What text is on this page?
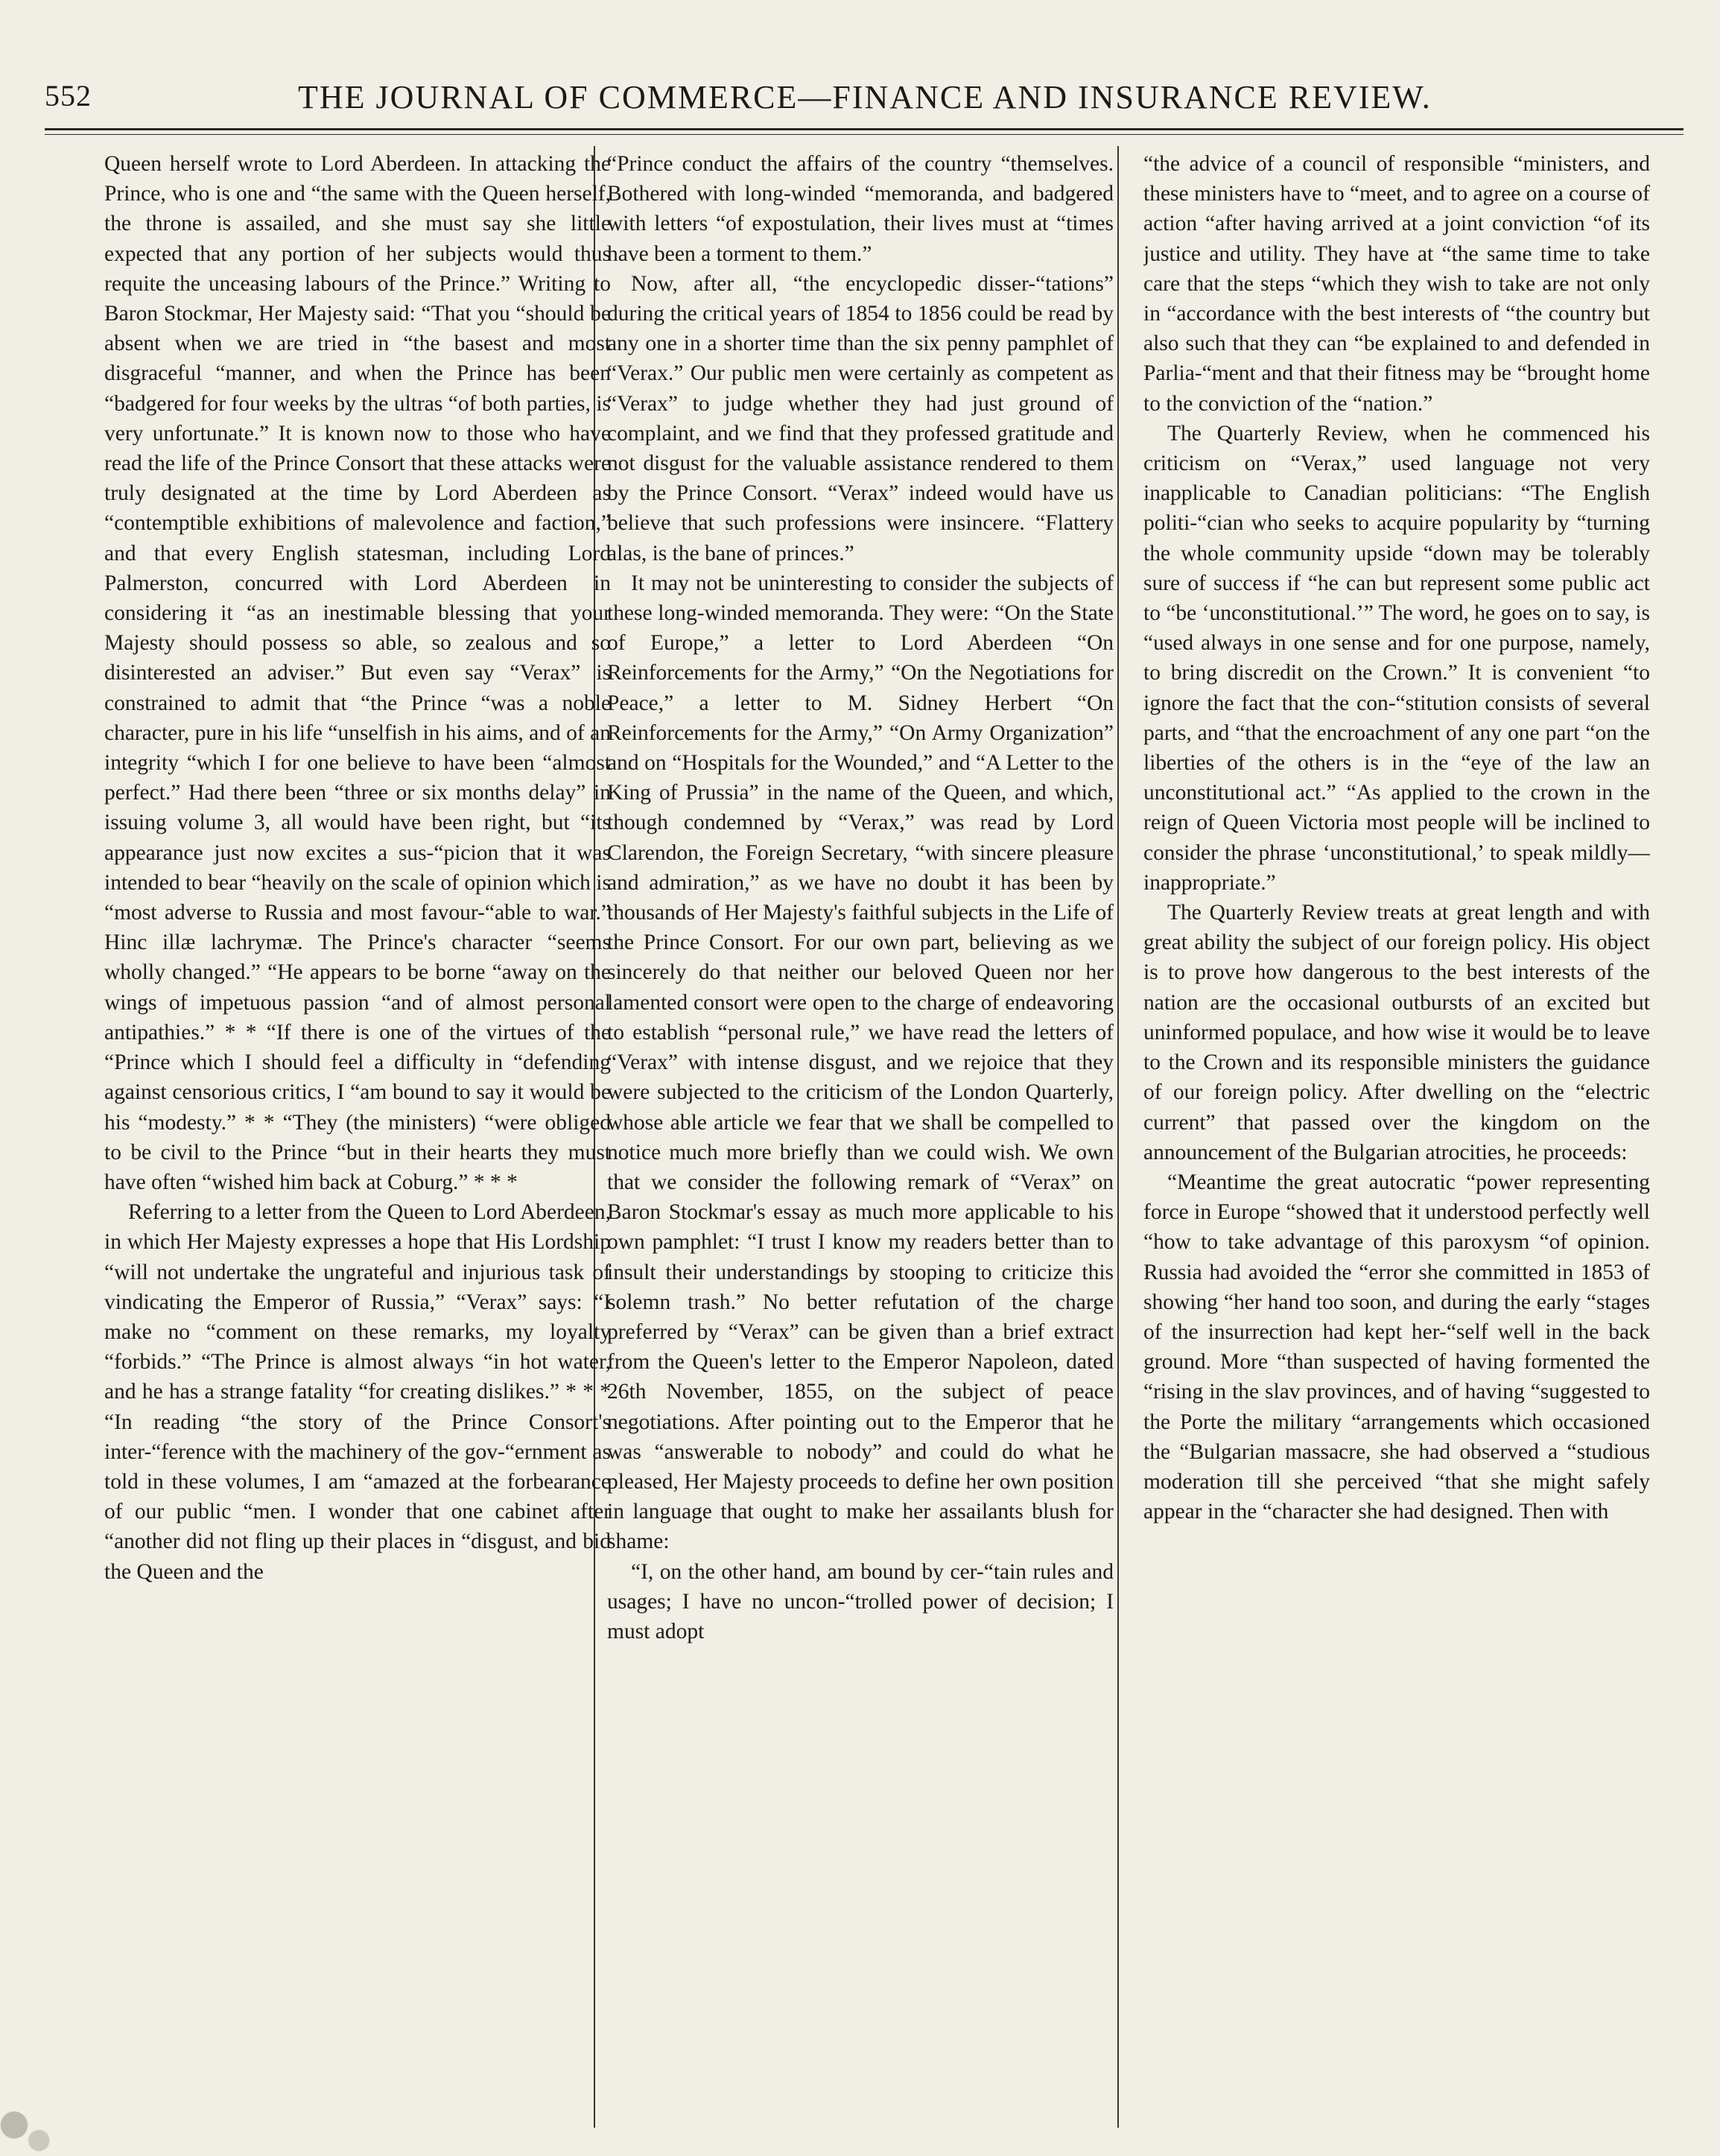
552	THE JOURNAL OF COMMERCE—FINANCE AND INSURANCE REVIEW.

Queen herself wrote to Lord Aberdeen. In attacking the Prince, who is one and “the same with the Queen herself, the throne is assailed, and she must say she little expected that any portion of her subjects would thus requite the unceasing labours of the Prince.” Writing to Baron Stockmar, Her Majesty said: “That you “should be absent when we are tried in “the basest and most disgraceful “manner, and when the Prince has been “badgered for four weeks by the ultras “of both parties, is very unfortunate.” It is known now to those who have read the life of the Prince Consort that these attacks were truly designated at the time by Lord Aberdeen as “contemptible exhibitions of malevolence and faction,” and that every English statesman, including Lord Palmerston, concurred with Lord Aberdeen in considering it “as an inestimable blessing that your Majesty should possess so able, so zealous and so disinterested an adviser.” But even say “Verax” is constrained to admit that “the Prince “was a noble character, pure in his life “unselfish in his aims, and of an integrity “which I for one believe to have been “almost perfect.” Had there been “three or six months delay” in issuing volume 3, all would have been right, but “its appearance just now excites a sus-“picion that it was intended to bear “heavily on the scale of opinion which is “most adverse to Russia and most favour-“able to war.” Hinc illæ lachrymæ. The Prince's character “seems wholly changed.” “He appears to be borne “away on the wings of impetuous passion “and of almost personal antipathies.” * * “If there is one of the virtues of the “Prince which I should feel a difficulty in “defending against censorious critics, I “am bound to say it would be his “modesty.” * * “They (the ministers) “were obliged to be civil to the Prince “but in their hearts they must have often “wished him back at Coburg.” * * *

Referring to a letter from the Queen to Lord Aberdeen, in which Her Majesty expresses a hope that His Lordship “will not undertake the ungrateful and injurious task of vindicating the Emperor of Russia,” “Verax” says: “I make no “comment on these remarks, my loyalty “forbids.” “The Prince is almost always “in hot water, and he has a strange fatality “for creating dislikes.” * * * “In reading “the story of the Prince Consort's inter-“ference with the machinery of the gov-“ernment as told in these volumes, I am “amazed at the forbearance of our public “men. I wonder that one cabinet after “another did not fling up their places in “disgust, and bid the Queen and the

“Prince conduct the affairs of the country “themselves. Bothered with long-winded “memoranda, and badgered with letters “of expostulation, their lives must at “times have been a torment to them.”

Now, after all, “the encyclopedic disser-“tations” during the critical years of 1854 to 1856 could be read by any one in a shorter time than the six penny pamphlet of “Verax.” Our public men were certainly as competent as “Verax” to judge whether they had just ground of complaint, and we find that they professed gratitude and not disgust for the valuable assistance rendered to them by the Prince Consort. “Verax” indeed would have us believe that such professions were insincere. “Flattery alas, is the bane of princes.”

It may not be uninteresting to consider the subjects of these long-winded memoranda. They were: “On the State of Europe,” a letter to Lord Aberdeen “On Reinforcements for the Army,” “On the Negotiations for Peace,” a letter to M. Sidney Herbert “On Reinforcements for the Army,” “On Army Organization” and on “Hospitals for the Wounded,” and “A Letter to the King of Prussia” in the name of the Queen, and which, though condemned by “Verax,” was read by Lord Clarendon, the Foreign Secretary, “with sincere pleasure and admiration,” as we have no doubt it has been by thousands of Her Majesty's faithful subjects in the Life of the Prince Consort. For our own part, believing as we sincerely do that neither our beloved Queen nor her lamented consort were open to the charge of endeavoring to establish “personal rule,” we have read the letters of “Verax” with intense disgust, and we rejoice that they were subjected to the criticism of the London Quarterly, whose able article we fear that we shall be compelled to notice much more briefly than we could wish. We own that we consider the following remark of “Verax” on Baron Stockmar's essay as much more applicable to his own pamphlet: “I trust I know my readers better than to insult their understandings by stooping to criticize this solemn trash.” No better refutation of the charge preferred by “Verax” can be given than a brief extract from the Queen's letter to the Emperor Napoleon, dated 26th November, 1855, on the subject of peace negotiations. After pointing out to the Emperor that he was “answerable to nobody” and could do what he pleased, Her Majesty proceeds to define her own position in language that ought to make her assailants blush for shame:

“I, on the other hand, am bound by cer-“tain rules and usages; I have no uncon-“trolled power of decision; I must adopt

“the advice of a council of responsible “ministers, and these ministers have to “meet, and to agree on a course of action “after having arrived at a joint conviction “of its justice and utility. They have at “the same time to take care that the steps “which they wish to take are not only in “accordance with the best interests of “the country but also such that they can “be explained to and defended in Parlia-“ment and that their fitness may be “brought home to the conviction of the “nation.”

The Quarterly Review, when he commenced his criticism on “Verax,” used language not very inapplicable to Canadian politicians: “The English politi-“cian who seeks to acquire popularity by “turning the whole community upside “down may be tolerably sure of success if “he can but represent some public act to “be ‘unconstitutional.’” The word, he goes on to say, is “used always in one sense and for one purpose, namely, to bring discredit on the Crown.” It is convenient “to ignore the fact that the con-“stitution consists of several parts, and “that the encroachment of any one part “on the liberties of the others is in the “eye of the law an unconstitutional act.” “As applied to the crown in the reign of Queen Victoria most people will be inclined to consider the phrase ‘unconstitutional,’ to speak mildly—inappropriate.”

The Quarterly Review treats at great length and with great ability the subject of our foreign policy. His object is to prove how dangerous to the best interests of the nation are the occasional outbursts of an excited but uninformed populace, and how wise it would be to leave to the Crown and its responsible ministers the guidance of our foreign policy. After dwelling on the “electric current” that passed over the kingdom on the announcement of the Bulgarian atrocities, he proceeds:

“Meantime the great autocratic “power representing force in Europe “showed that it understood perfectly well “how to take advantage of this paroxysm “of opinion. Russia had avoided the “error she committed in 1853 of showing “her hand too soon, and during the early “stages of the insurrection had kept her-“self well in the back ground. More “than suspected of having formented the “rising in the slav provinces, and of having “suggested to the Porte the military “arrangements which occasioned the “Bulgarian massacre, she had observed a “studious moderation till she perceived “that she might safely appear in the “character she had designed. Then with
